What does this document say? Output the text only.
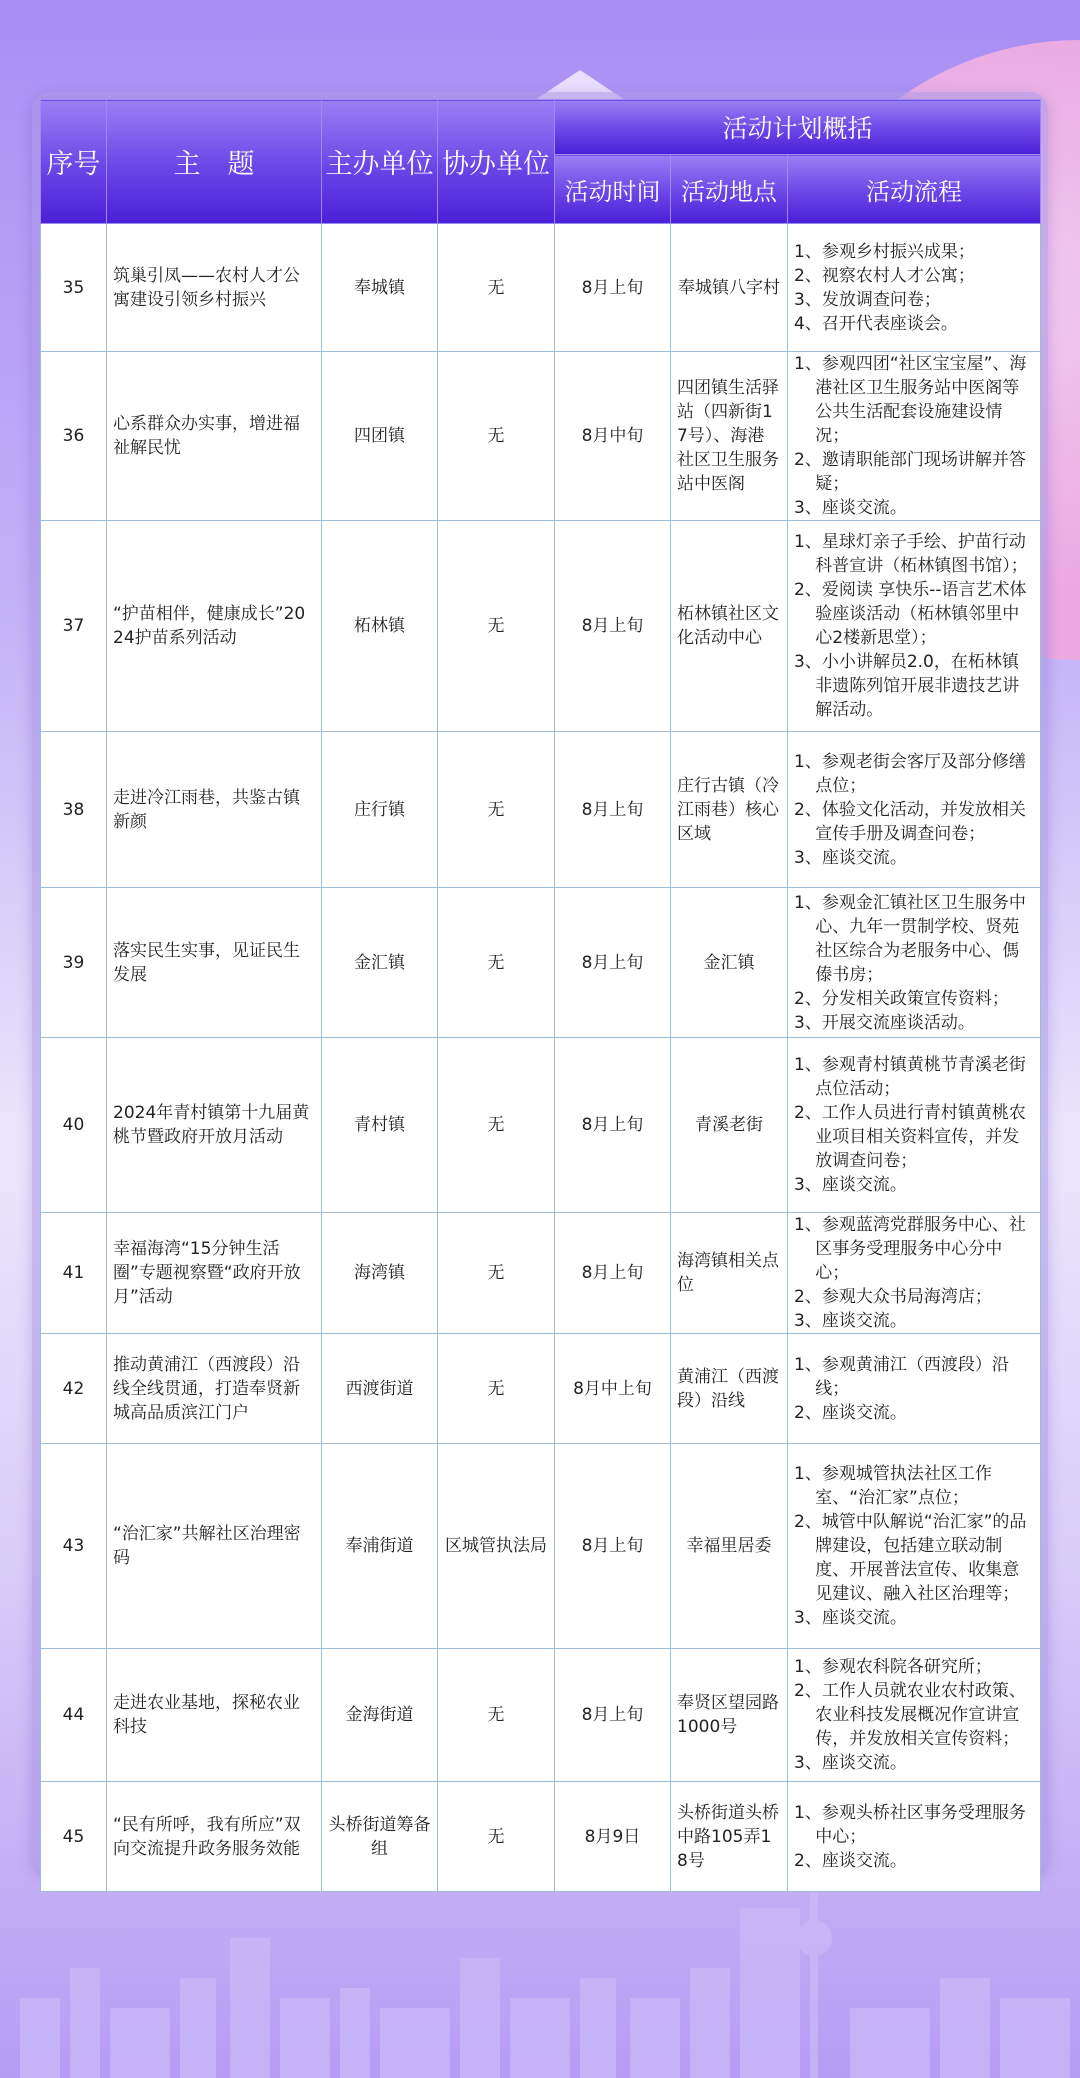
序号	主　题	主办单位	协办单位	活动计划概括		
				活动时间	活动地点	活动流程
35	筑巢引凤——农村人才公寓建设引领乡村振兴	奉城镇	无	8月上旬	奉城镇八字村	1、参观乡村振兴成果；
2、视察农村人才公寓；
3、发放调查问卷；
4、召开代表座谈会。

36	心系群众办实事，增进福祉解民忧	四团镇	无	8月中旬	四团镇生活驿站（四新街17号）、海港社区卫生服务站中医阁	1、参观四团“社区宝宝屋”、海港社区卫生服务站中医阁等公共生活配套设施建设情况；
2、邀请职能部门现场讲解并答疑；
3、座谈交流。

37	“护苗相伴，健康成长”2024护苗系列活动	柘林镇	无	8月上旬	柘林镇社区文化活动中心	1、星球灯亲子手绘、护苗行动科普宣讲（柘林镇图书馆）；
2、爱阅读 享快乐--语言艺术体验座谈活动（柘林镇邻里中心2楼新思堂）；
3、小小讲解员2.0，在柘林镇非遗陈列馆开展非遗技艺讲解活动。

38	走进冷江雨巷，共鉴古镇新颜	庄行镇	无	8月上旬	庄行古镇（冷江雨巷）核心区域	1、参观老街会客厅及部分修缮点位；
2、体验文化活动，并发放相关宣传手册及调查问卷；
3、座谈交流。

39	落实民生实事，见证民生发展	金汇镇	无	8月上旬	金汇镇	1、参观金汇镇社区卫生服务中心、九年一贯制学校、贤苑社区综合为老服务中心、傌傣书房；
2、分发相关政策宣传资料；
3、开展交流座谈活动。

40	2024年青村镇第十九届黄桃节暨政府开放月活动	青村镇	无	8月上旬	青溪老街	1、参观青村镇黄桃节青溪老街点位活动；
2、工作人员进行青村镇黄桃农业项目相关资料宣传，并发放调查问卷；
3、座谈交流。

41	幸福海湾“15分钟生活圈”专题视察暨“政府开放月”活动	海湾镇	无	8月上旬	海湾镇相关点位	1、参观蓝湾党群服务中心、社区事务受理服务中心分中心；
2、参观大众书局海湾店；
3、座谈交流。

42	推动黄浦江（西渡段）沿线全线贯通，打造奉贤新城高品质滨江门户	西渡街道	无	8月中上旬	黄浦江（西渡段）沿线	1、参观黄浦江（西渡段）沿线；
2、座谈交流。

43	“治汇家”共解社区治理密码	奉浦街道	区城管执法局	8月上旬	幸福里居委	1、参观城管执法社区工作室、“治汇家”点位；
2、城管中队解说“治汇家”的品牌建设，包括建立联动制度、开展普法宣传、收集意见建议、融入社区治理等；
3、座谈交流。

44	走进农业基地，探秘农业科技	金海街道	无	8月上旬	奉贤区望园路1000号	1、参观农科院各研究所；
2、工作人员就农业农村政策、农业科技发展概况作宣讲宣传，并发放相关宣传资料；
3、座谈交流。

45	“民有所呼，我有所应”双向交流提升政务服务效能	头桥街道筹备组	无	8月9日	头桥街道头桥中路105弄18号	1、参观头桥社区事务受理服务中心；
2、座谈交流。
